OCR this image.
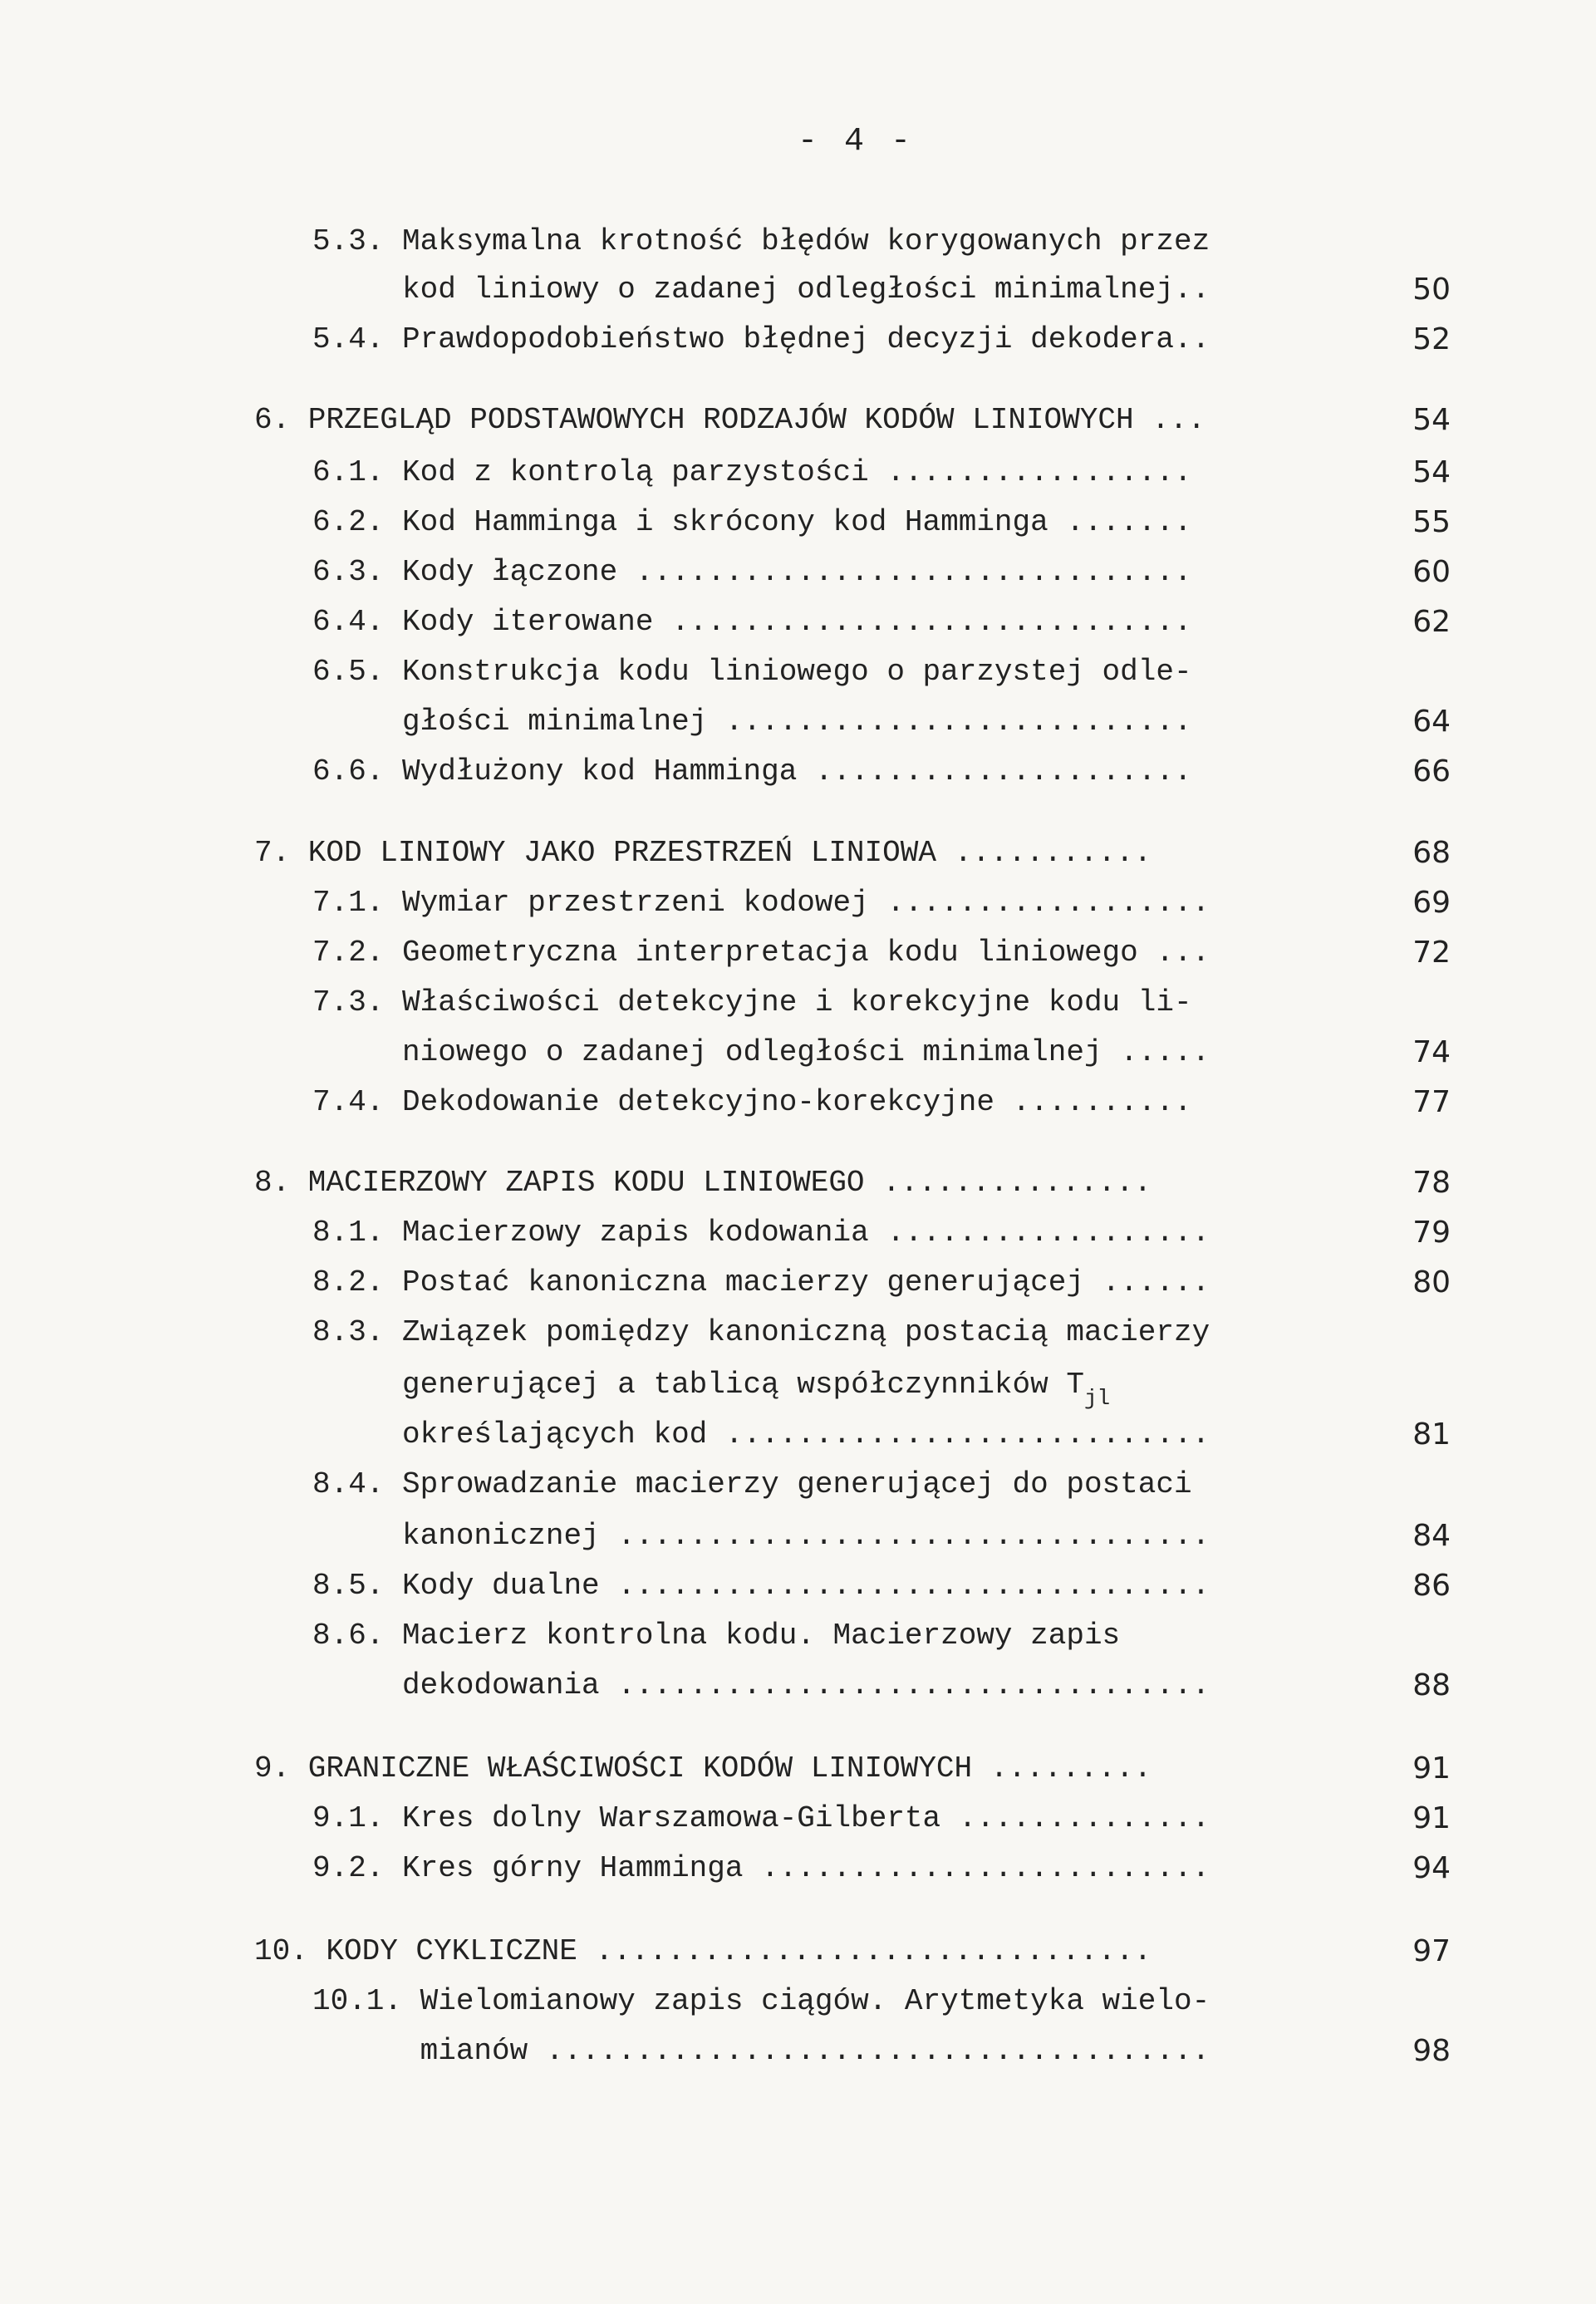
- 4 -
5.3. Maksymalna krotność błędów korygowanych przez
kod liniowy o zadanej odległości minimalnej..	50
5.4. Prawdopodobieństwo błędnej decyzji dekodera..	52
6. PRZEGLĄD PODSTAWOWYCH RODZAJÓW KODÓW LINIOWYCH ...	54
6.1. Kod z kontrolą parzystości .................	54
6.2. Kod Hamminga i skrócony kod Hamminga .......	55
6.3. Kody łączone ...............................	60
6.4. Kody iterowane .............................	62
6.5. Konstrukcja kodu liniowego o parzystej odle-
głości minimalnej ..........................	64
6.6. Wydłużony kod Hamminga .....................	66
7. KOD LINIOWY JAKO PRZESTRZEŃ LINIOWA ...........	68
7.1. Wymiar przestrzeni kodowej ..................	69
7.2. Geometryczna interpretacja kodu liniowego ...	72
7.3. Właściwości detekcyjne i korekcyjne kodu li-
niowego o zadanej odległości minimalnej .....	74
7.4. Dekodowanie detekcyjno-korekcyjne ..........	77
8. MACIERZOWY ZAPIS KODU LINIOWEGO ...............	78
8.1. Macierzowy zapis kodowania ..................	79
8.2. Postać kanoniczna macierzy generującej ......	80
8.3. Związek pomiędzy kanoniczną postacią macierzy
generującej a tablicą współczynników $T_{jl}$
określających kod ...........................	81
8.4. Sprowadzanie macierzy generującej do postaci
kanonicznej .................................	84
8.5. Kody dualne .................................	86
8.6. Macierz kontrolna kodu. Macierzowy zapis
dekodowania .................................	88
9. GRANICZNE WŁAŚCIWOŚCI KODÓW LINIOWYCH .........	91
9.1. Kres dolny Warszamowa-Gilberta ..............	91
9.2. Kres górny Hamminga .........................	94
10. KODY CYKLICZNE ...............................	97
10.1. Wielomianowy zapis ciągów. Arytmetyka wielo-
mianów .....................................	98
